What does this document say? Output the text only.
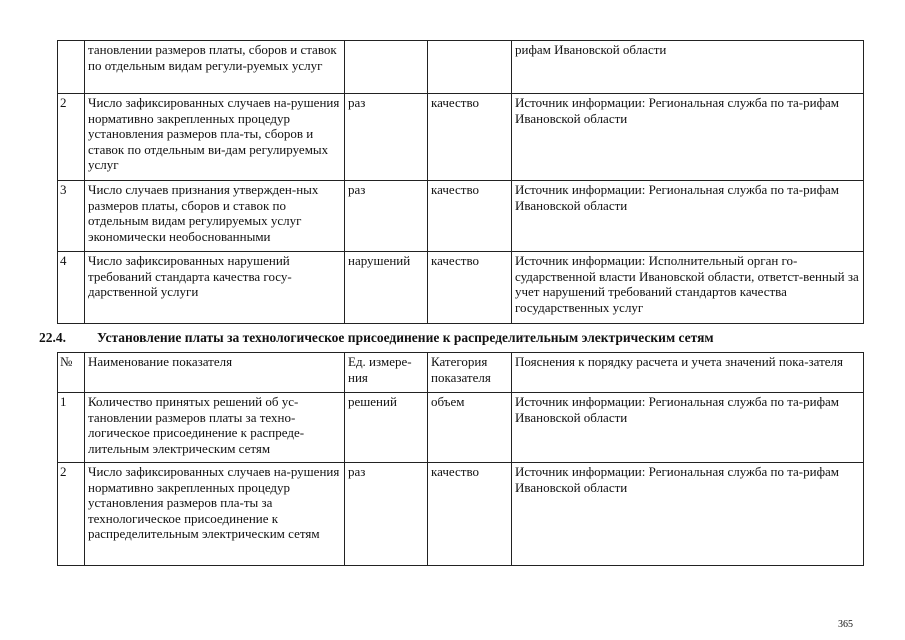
	тановлении размеров платы, сборов и ставок по отдельным видам регули-руемых услуг			рифам Ивановской области
2	Число зафиксированных случаев на-рушения нормативно закрепленных процедур установления размеров пла-ты, сборов и ставок по отдельным ви-дам регулируемых услуг	раз	качество	Источник информации: Региональная служба по та-рифам Ивановской области
3	Число случаев признания утвержден-ных размеров платы, сборов и ставок по отдельным видам регулируемых услуг экономически необоснованными	раз	качество	Источник информации: Региональная служба по та-рифам Ивановской области
4	Число зафиксированных нарушений требований стандарта качества госу-дарственной услуги	нарушений	качество	Источник информации: Исполнительный орган го-сударственной власти Ивановской области, ответст-венный за учет нарушений требований стандартов качества государственных услуг
22.4. Установление платы за технологическое присоединение к распределительным электрическим сетям
№	Наименование показателя	Ед. измере-ния	Категория показателя	Пояснения к порядку расчета и учета значений пока-зателя
1	Количество принятых решений об ус-тановлении размеров платы за техно-логическое присоединение к распреде-лительным электрическим сетям	решений	объем	Источник информации: Региональная служба по та-рифам Ивановской области
2	Число зафиксированных случаев на-рушения нормативно закрепленных процедур установления размеров пла-ты за технологическое присоединение к распределительным электрическим сетям	раз	качество	Источник информации: Региональная служба по та-рифам Ивановской области
365
